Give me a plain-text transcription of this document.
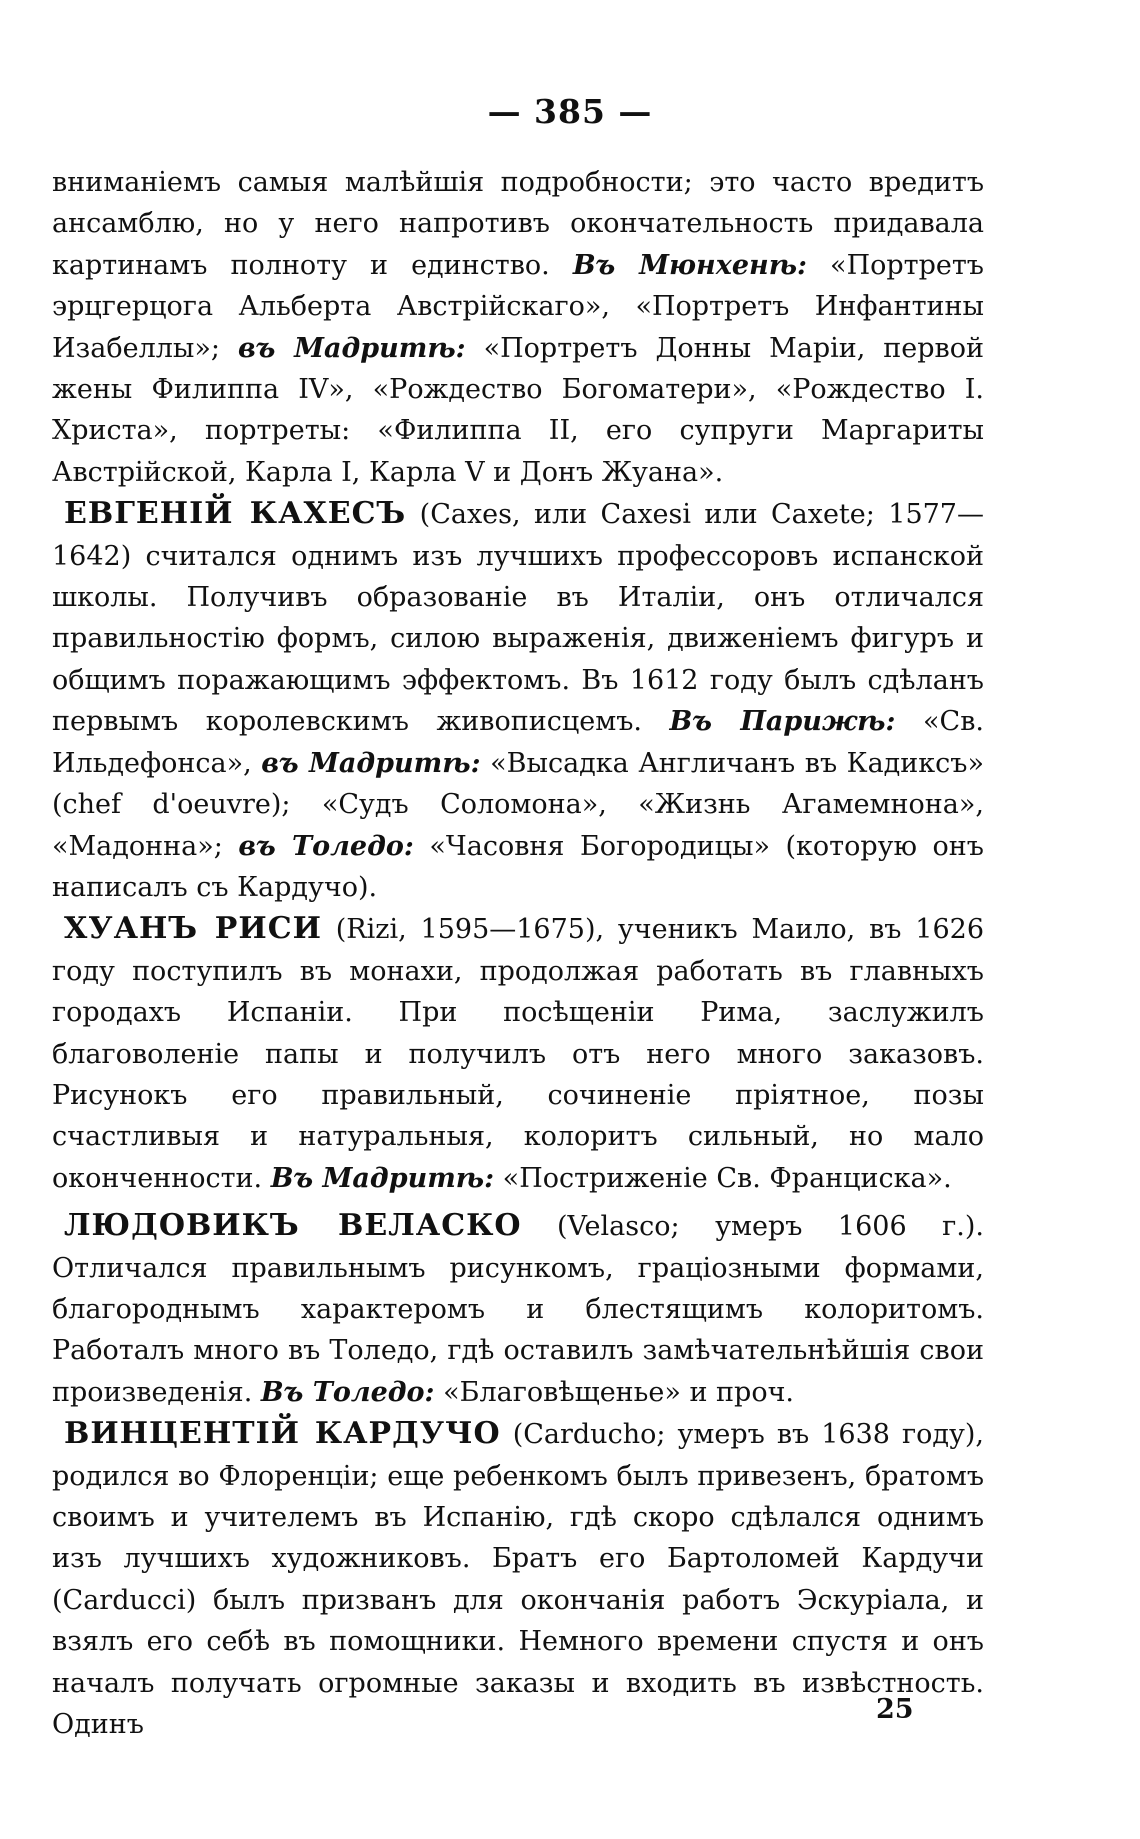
— 385 —

вниманіемъ самыя малѣйшія подробности; это часто вредитъ ансамблю, но у него напротивъ окончательность придавала картинамъ полноту и единство. Въ Мюнхенѣ: «Портретъ эрцгерцога Альберта Австрійскаго», «Портретъ Инфантины Изабеллы»; въ Мадритѣ: «Портретъ Донны Маріи, первой жены Филиппа IV», «Рождество Богоматери», «Рождество І. Христа», портреты: «Филиппа II, его супруги Маргариты Австрійской, Карла I, Карла V и Донъ Жуана».

ЕВГЕНІЙ КАХЕСЪ (Caxes, или Caxesi или Caxete; 1577—1642) считался однимъ изъ лучшихъ профессоровъ испанской школы. Получивъ образованіе въ Италіи, онъ отличался правильностію формъ, силою выраженія, движеніемъ фигуръ и общимъ поражающимъ эффектомъ. Въ 1612 году былъ сдѣланъ первымъ королевскимъ живописцемъ. Въ Парижѣ: «Св. Ильдефонса», въ Мадритѣ: «Высадка Англичанъ въ Кадиксъ» (chef d'oeuvre); «Судъ Соломона», «Жизнь Агамемнона», «Мадонна»; въ Толедо: «Часовня Богородицы» (которую онъ написалъ съ Кардучо).

ХУАНЪ РИСИ (Rizi, 1595—1675), ученикъ Маило, въ 1626 году поступилъ въ монахи, продолжая работать въ главныхъ городахъ Испаніи. При посѣщеніи Рима, заслужилъ благоволеніе папы и получилъ отъ него много заказовъ. Рисунокъ его правильный, сочиненіе пріятное, позы счастливыя и натуральныя, колоритъ сильный, но мало оконченности. Въ Мадритѣ: «Постриженіе Св. Франциска».

ЛЮДОВИКЪ ВЕЛАСКО (Velasco; умеръ 1606 г.). Отличался правильнымъ рисункомъ, граціозными формами, благороднымъ характеромъ и блестящимъ колоритомъ. Работалъ много въ Толедо, гдѣ оставилъ замѣчательнѣйшія свои произведенія. Въ Толедо: «Благовѣщенье» и проч.

ВИНЦЕНТІЙ КАРДУЧО (Carducho; умеръ въ 1638 году), родился во Флоренціи; еще ребенкомъ былъ привезенъ, братомъ своимъ и учителемъ въ Испанію, гдѣ скоро сдѣлался однимъ изъ лучшихъ художниковъ. Братъ его Бартоломей Кардучи (Carducci) былъ призванъ для окончанія работъ Эскуріала, и взялъ его себѣ въ помощники. Немного времени спустя и онъ началъ получать огромные заказы и входить въ извѣстность. Одинъ	25
